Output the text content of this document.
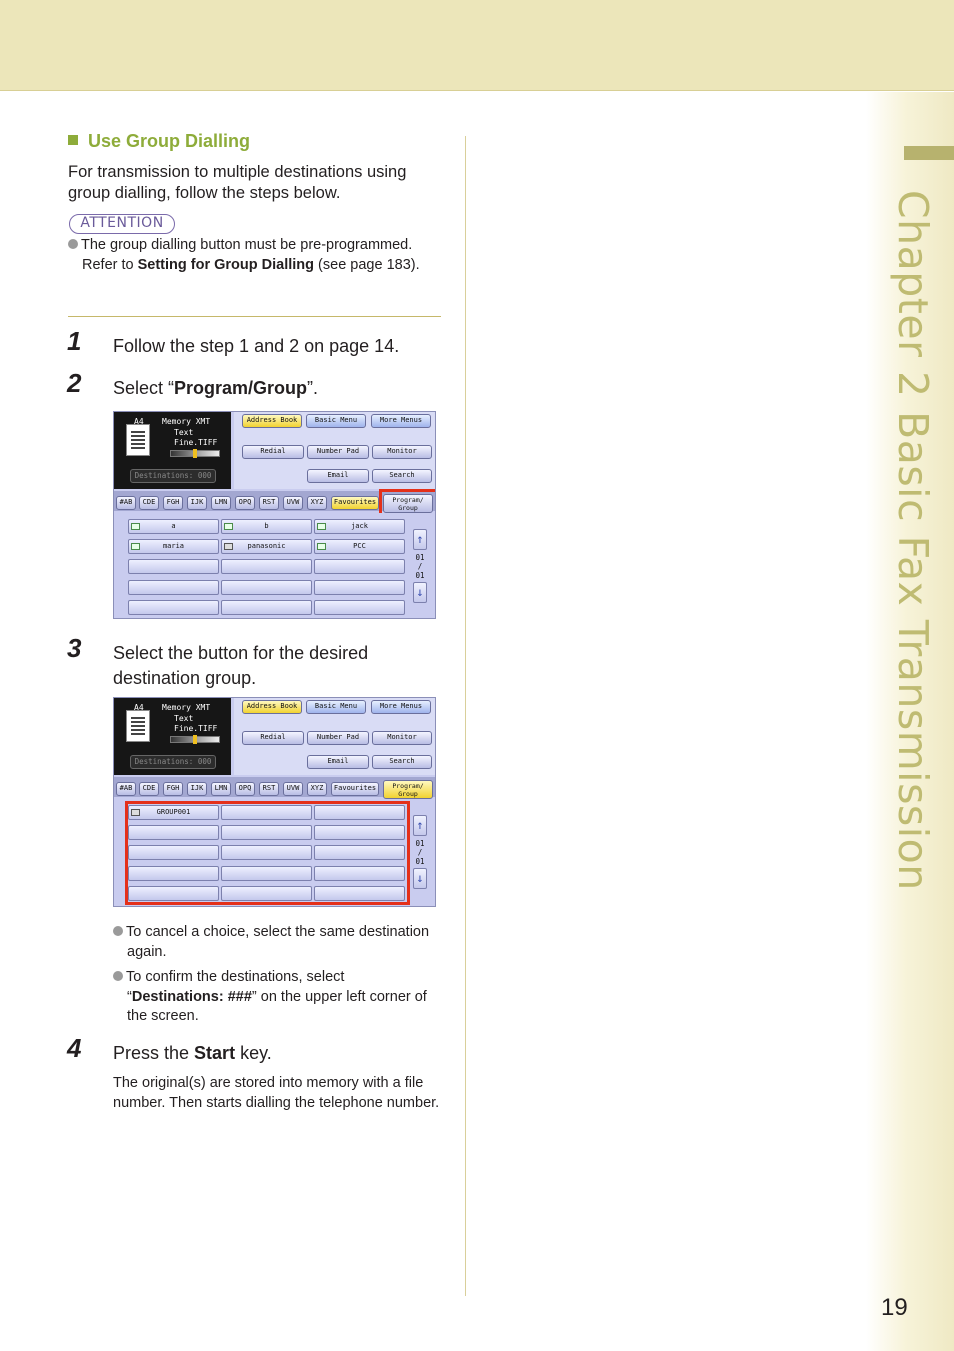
Chapter 2 Basic Fax Transmission
19
Use Group Dialling
For transmission to multiple destinations using group dialling, follow the steps below.
ATTENTION
The group dialling button must be pre-programmed. Refer to Setting for Group Dialling (see page 183).
1 Follow the step 1 and 2 on page 14.
2 Select “Program/Group”.
A4 Memory XMT
Text
Fine.TIFF
Destinations: 000
Address Book	Basic Menu	More Menus
Redial	Number Pad	Monitor
Email	Search
#AB	CDE	FGH	IJK	LMN	OPQ	RST	UVW	XYZ	Favourites	Program/ Group
a	b	jack
maria	panasonic	PCC	↑
01
/
01
↓
3 Select the button for the desired destination group.
A4 Memory XMT
Text
Fine.TIFF
Destinations: 000
Address Book	Basic Menu	More Menus
Redial	Number Pad	Monitor
Email	Search
#AB	CDE	FGH	IJK	LMN	OPQ	RST	UVW	XYZ	Favourites	Program/ Group
GROUP001
↑
01
/
01
↓
To cancel a choice, select the same destination again.
To confirm the destinations, select “Destinations: ###” on the upper left corner of the screen.
4 Press the Start key.
The original(s) are stored into memory with a file number. Then starts dialling the telephone number.
